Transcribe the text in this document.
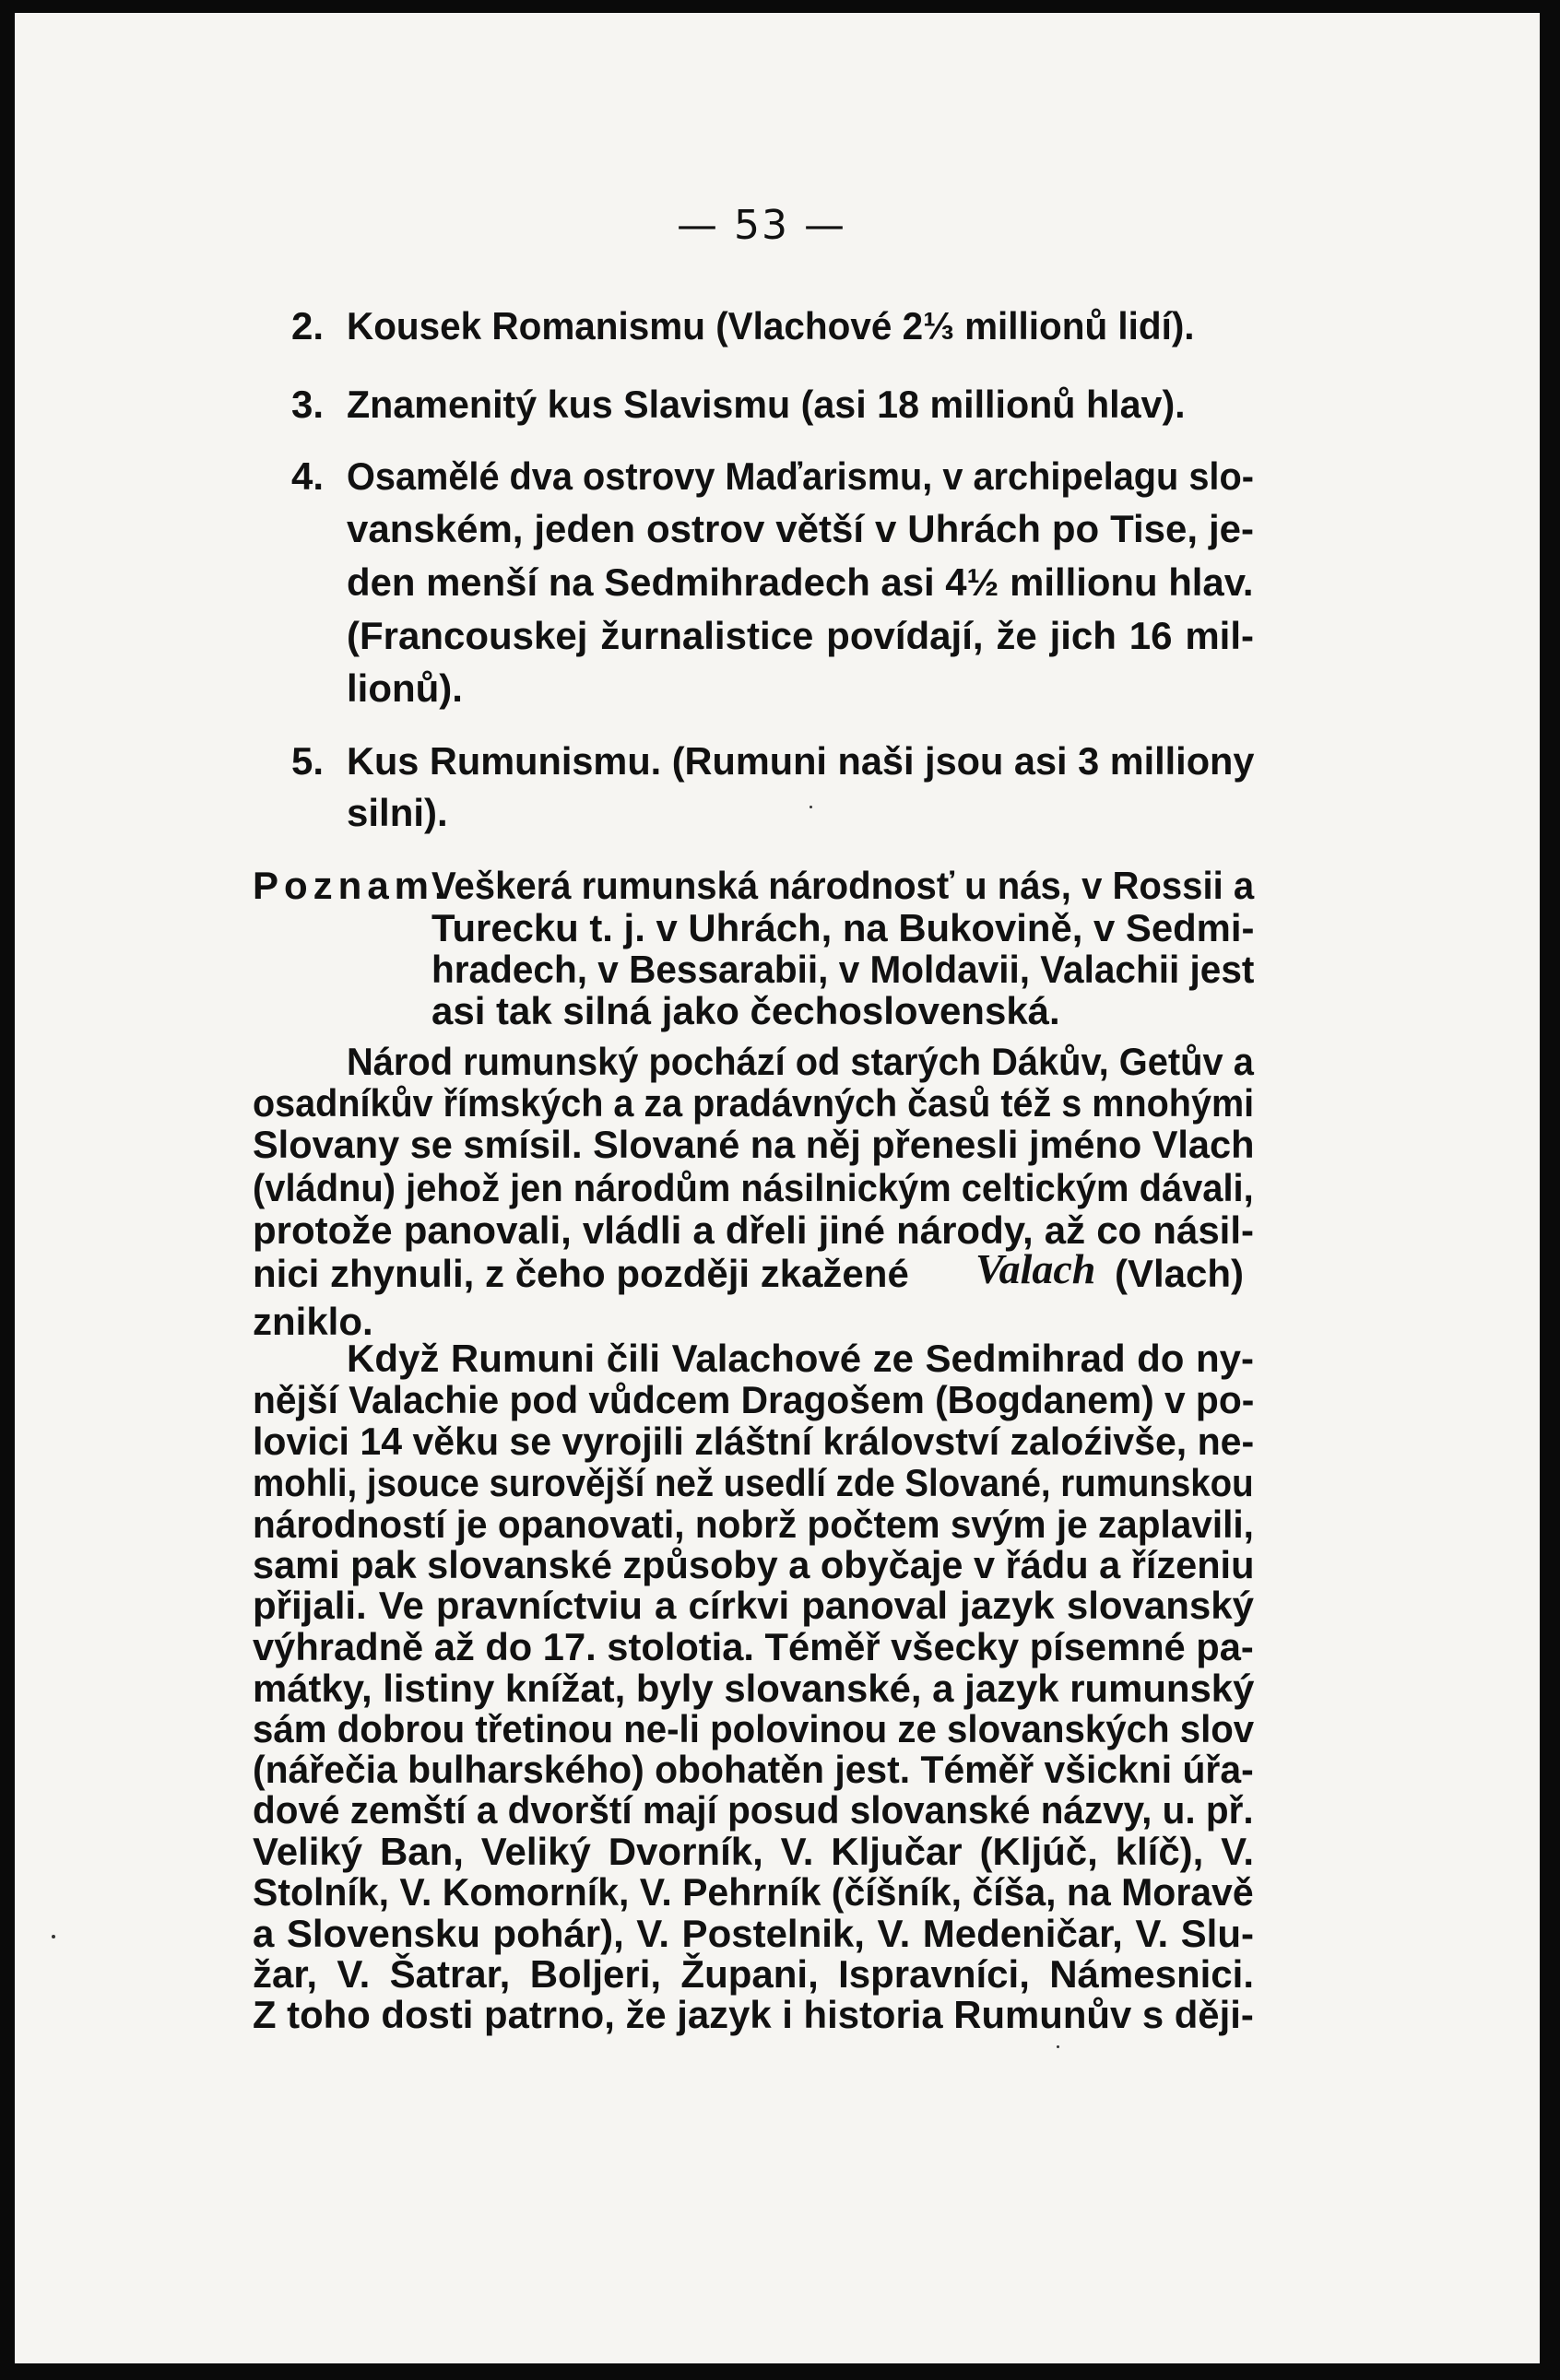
— 53 —
2. Kousek Romanismu (Vlachové 2⅓ millionů lidí).
3. Znamenitý kus Slavismu (asi 18 millionů hlav).
4. Osamělé dva ostrovy Maďarismu, v archipelagu slo-
vanském, jeden ostrov větší v Uhrách po Tise, je-
den menší na Sedmihradech asi 4½ millionu hlav.
(Francouskej žurnalistice povídají, že jich 16 mil-
lionů).
5. Kus Rumunismu. (Rumuni naši jsou asi 3 milliony
silni).
Poznam.
Veškerá rumunská národnosť u nás, v Rossii a
Turecku t. j. v Uhrách, na Bukovině, v Sedmi-
hradech, v Bessarabii, v Moldavii, Valachii jest
asi tak silná jako čechoslovenská.
Národ rumunský pochází od starých Dákův, Getův a
osadníkův římských a za pradávných časů též s mnohými
Slovany se smísil. Slované na něj přenesli jméno Vlach
(vládnu) jehož jen národům násilnickým celtickým dávali,
protože panovali, vládli a dřeli jiné národy, až co násil-
nici zhynuli, z čeho později zkažené Valach (Vlach)
zniklo.
Když Rumuni čili Valachové ze Sedmihrad do ny-
nější Valachie pod vůdcem Dragošem (Bogdanem) v po-
lovici 14 věku se vyrojili zláštní království zaloźivše, ne-
mohli, jsouce surovější než usedlí zde Slované, rumunskou
národností je opanovati, nobrž počtem svým je zaplavili,
sami pak slovanské způsoby a obyčaje v řádu a řízeniu
přijali. Ve pravníctviu a církvi panoval jazyk slovanský
výhradně až do 17. stolotia. Téměř všecky písemné pa-
mátky, listiny knížat, byly slovanské, a jazyk rumunský
sám dobrou třetinou ne-li polovinou ze slovanských slov
(nářečia bulharského) obohatěn jest. Téměř všickni úřa-
dové zemští a dvorští mají posud slovanské názvy, u. př.
Veliký Ban, Veliký Dvorník, V. Ključar (Kljúč, klíč), V.
Stolník, V. Komorník, V. Pehrník (číšník, číša, na Moravě
a Slovensku pohár), V. Postelnik, V. Medeničar, V. Slu-
žar, V. Šatrar, Boljeri, Župani, Ispravníci, Námesnici.
Z toho dosti patrno, že jazyk i historia Rumunův s ději-
